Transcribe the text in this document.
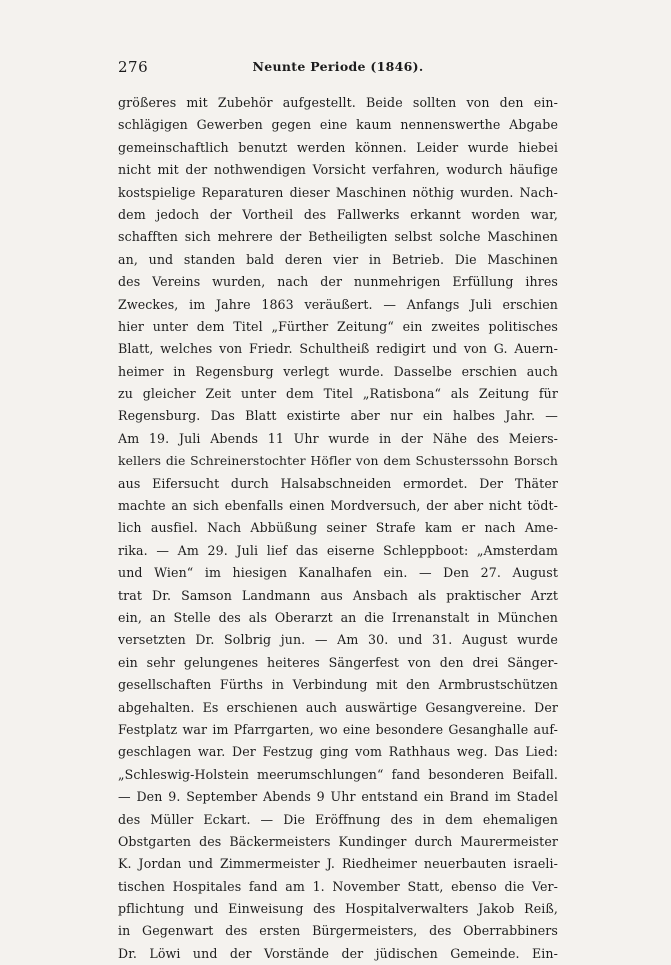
276	Neunte Periode (1846).
größeres mit Zubehör aufgestellt. Beide sollten von den ein-
schlägigen Gewerben gegen eine kaum nennenswerthe Abgabe
gemeinschaftlich benutzt werden können. Leider wurde hiebei
nicht mit der nothwendigen Vorsicht verfahren, wodurch häufige
kostspielige Reparaturen dieser Maschinen nöthig wurden. Nach-
dem jedoch der Vortheil des Fallwerks erkannt worden war,
schafften sich mehrere der Betheiligten selbst solche Maschinen
an, und standen bald deren vier in Betrieb. Die Maschinen
des Vereins wurden, nach der nunmehrigen Erfüllung ihres
Zweckes, im Jahre 1863 veräußert. — Anfangs Juli erschien
hier unter dem Titel „Fürther Zeitung“ ein zweites politisches
Blatt, welches von Friedr. Schultheiß redigirt und von G. Auern-
heimer in Regensburg verlegt wurde. Dasselbe erschien auch
zu gleicher Zeit unter dem Titel „Ratisbona“ als Zeitung für
Regensburg. Das Blatt existirte aber nur ein halbes Jahr. —
Am 19. Juli Abends 11 Uhr wurde in der Nähe des Meiers-
kellers die Schreinerstochter Höfler von dem Schusterssohn Borsch
aus Eifersucht durch Halsabschneiden ermordet. Der Thäter
machte an sich ebenfalls einen Mordversuch, der aber nicht tödt-
lich ausfiel. Nach Abbüßung seiner Strafe kam er nach Ame-
rika. — Am 29. Juli lief das eiserne Schleppboot: „Amsterdam
und Wien“ im hiesigen Kanalhafen ein. — Den 27. August
trat Dr. Samson Landmann aus Ansbach als praktischer Arzt
ein, an Stelle des als Oberarzt an die Irrenanstalt in München
versetzten Dr. Solbrig jun. — Am 30. und 31. August wurde
ein sehr gelungenes heiteres Sängerfest von den drei Sänger-
gesellschaften Fürths in Verbindung mit den Armbrustschützen
abgehalten. Es erschienen auch auswärtige Gesangvereine. Der
Festplatz war im Pfarrgarten, wo eine besondere Gesanghalle auf-
geschlagen war. Der Festzug ging vom Rathhaus weg. Das Lied:
„Schleswig-Holstein meerumschlungen“ fand besonderen Beifall.
— Den 9. September Abends 9 Uhr entstand ein Brand im Stadel
des Müller Eckart. — Die Eröffnung des in dem ehemaligen
Obstgarten des Bäckermeisters Kundinger durch Maurermeister
K. Jordan und Zimmermeister J. Riedheimer neuerbauten israeli-
tischen Hospitales fand am 1. November Statt, ebenso die Ver-
pflichtung und Einweisung des Hospitalverwalters Jakob Reiß,
in Gegenwart des ersten Bürgermeisters, des Oberrabbiners
Dr. Löwi und der Vorstände der jüdischen Gemeinde. Ein-
